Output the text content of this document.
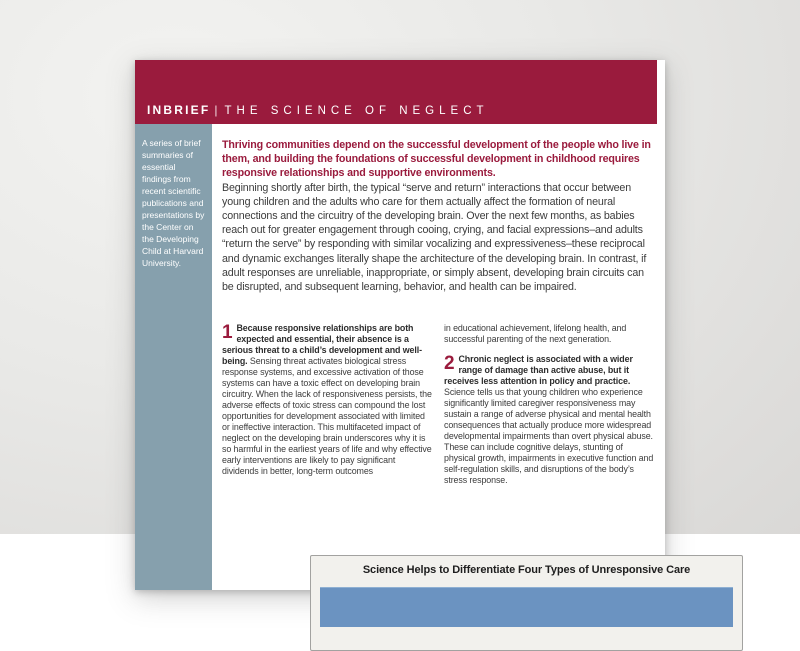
INBRIEF | THE SCIENCE OF NEGLECT

A series of brief summaries of essential findings from recent scientific publications and presentations by the Center on the Developing Child at Harvard University.

Thriving communities depend on the successful development of the people who live in them, and building the foundations of successful development in childhood requires responsive relationships and supportive environments.

Beginning shortly after birth, the typical “serve and return” interactions that occur between young children and the adults who care for them actually affect the formation of neural connections and the circuitry of the developing brain. Over the next few months, as babies reach out for greater engagement through cooing, crying, and facial expressions–and adults “return the serve” by responding with similar vocalizing and expressiveness–these reciprocal and dynamic exchanges literally shape the architecture of the developing brain. In contrast, if adult responses are unreliable, inappropriate, or simply absent, developing brain circuits can be disrupted, and subsequent learning, behavior, and health can be impaired.

1 Because responsive relationships are both expected and essential, their absence is a serious threat to a child’s development and well-being. Sensing threat activates biological stress response systems, and excessive activation of those systems can have a toxic effect on developing brain circuitry. When the lack of responsiveness persists, the adverse effects of toxic stress can compound the lost opportunities for development associated with limited or ineffective interaction. This multifaceted impact of neglect on the developing brain underscores why it is so harmful in the earliest years of life and why effective early interventions are likely to pay significant dividends in better, long-term outcomes

in educational achievement, lifelong health, and successful parenting of the next generation.

2 Chronic neglect is associated with a wider range of damage than active abuse, but it receives less attention in policy and practice. Science tells us that young children who experience significantly limited caregiver responsiveness may sustain a range of adverse physical and mental health consequences that actually produce more widespread developmental impairments than overt physical abuse. These can include cognitive delays, stunting of physical growth, impairments in executive function and self-regulation skills, and disruptions of the body’s stress response.

Science Helps to Differentiate Four Types of Unresponsive Care
